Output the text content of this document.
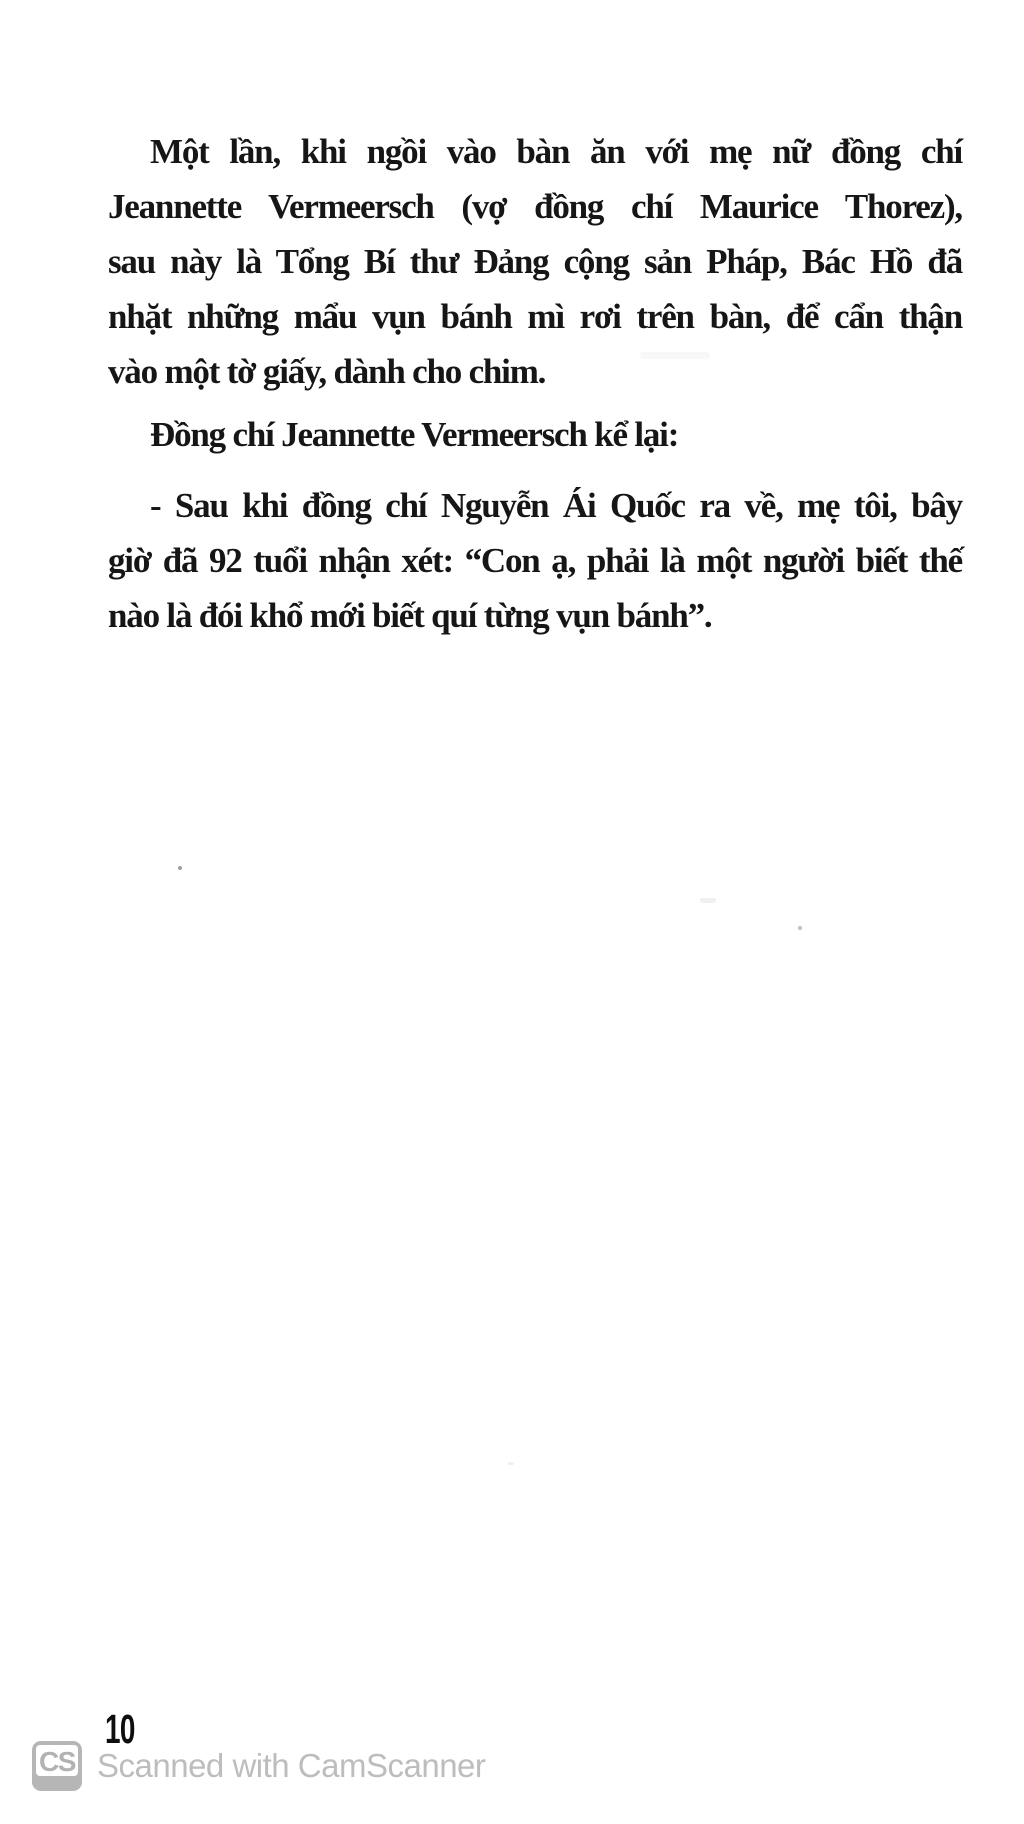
Một lần, khi ngồi vào bàn ăn với mẹ nữ đồng chí

Jeannette Vermeersch (vợ đồng chí Maurice Thorez),

sau này là Tổng Bí thư Đảng cộng sản Pháp, Bác Hồ đã

nhặt những mẩu vụn bánh mì rơi trên bàn, để cẩn thận

vào một tờ giấy, dành cho chim.

Đồng chí Jeannette Vermeersch kể lại:

- Sau khi đồng chí Nguyễn Ái Quốc ra về, mẹ tôi, bây

giờ đã 92 tuổi nhận xét: “Con ạ, phải là một người biết thế

nào là đói khổ mới biết quí từng vụn bánh”.

10
CS Scanned with CamScanner
